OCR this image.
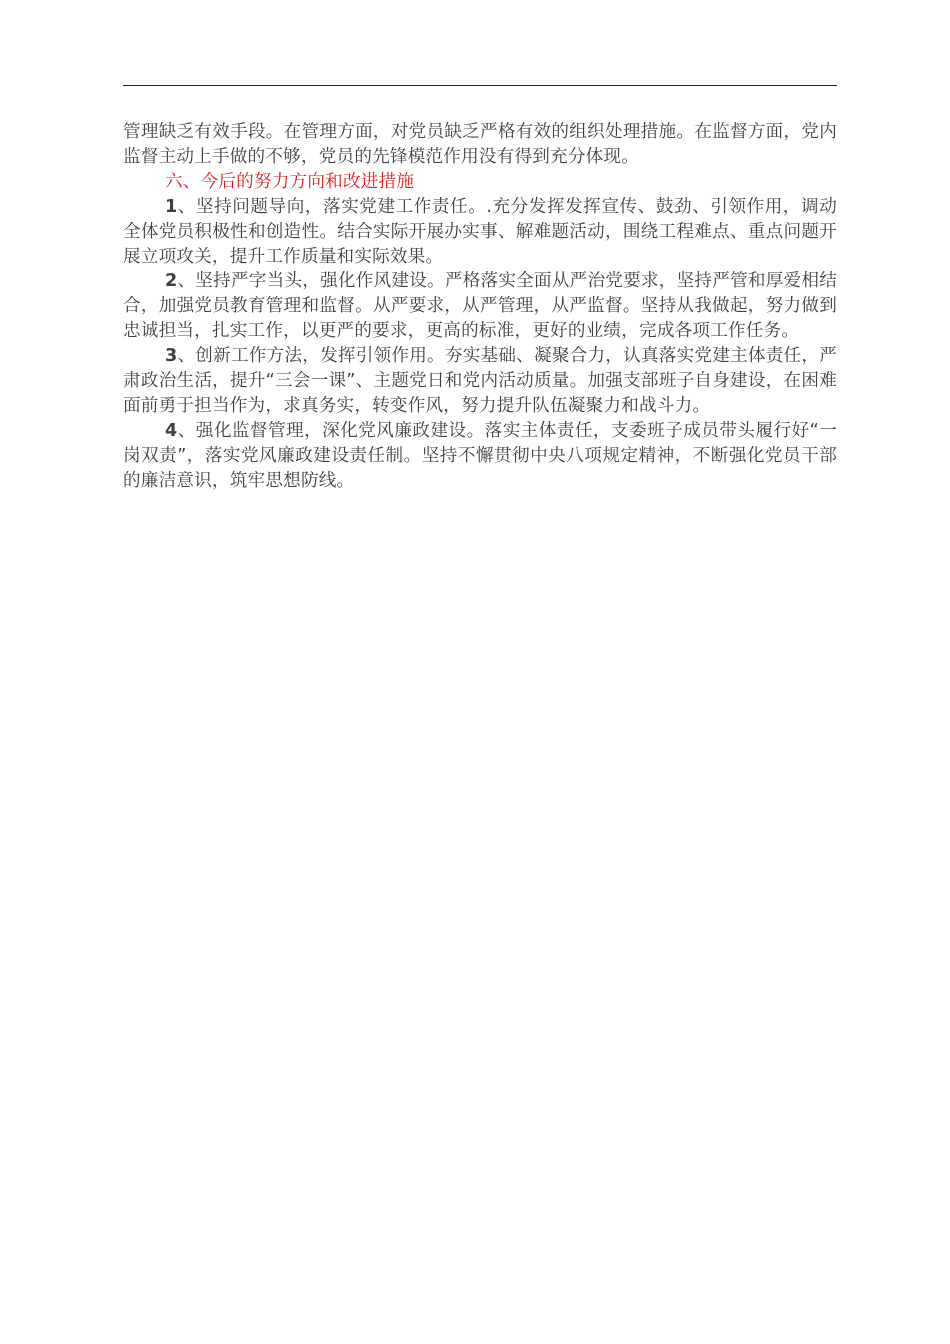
管理缺乏有效手段。在管理方面，对党员缺乏严格有效的组织处理措施。在监督方面，党内监督主动上手做的不够，党员的先锋模范作用没有得到充分体现。

六、今后的努力方向和改进措施

1、坚持问题导向，落实党建工作责任。.充分发挥发挥宣传、鼓劲、引领作用，调动全体党员积极性和创造性。结合实际开展办实事、解难题活动，围绕工程难点、重点问题开展立项攻关，提升工作质量和实际效果。

2、坚持严字当头，强化作风建设。严格落实全面从严治党要求，坚持严管和厚爱相结合，加强党员教育管理和监督。从严要求，从严管理，从严监督。坚持从我做起，努力做到忠诚担当，扎实工作，以更严的要求，更高的标准，更好的业绩，完成各项工作任务。

3、创新工作方法，发挥引领作用。夯实基础、凝聚合力，认真落实党建主体责任，严肃政治生活，提升“三会一课”、主题党日和党内活动质量。加强支部班子自身建设，在困难面前勇于担当作为，求真务实，转变作风，努力提升队伍凝聚力和战斗力。

4、强化监督管理，深化党风廉政建设。落实主体责任，支委班子成员带头履行好“一岗双责”，落实党风廉政建设责任制。坚持不懈贯彻中央八项规定精神，不断强化党员干部的廉洁意识，筑牢思想防线。
